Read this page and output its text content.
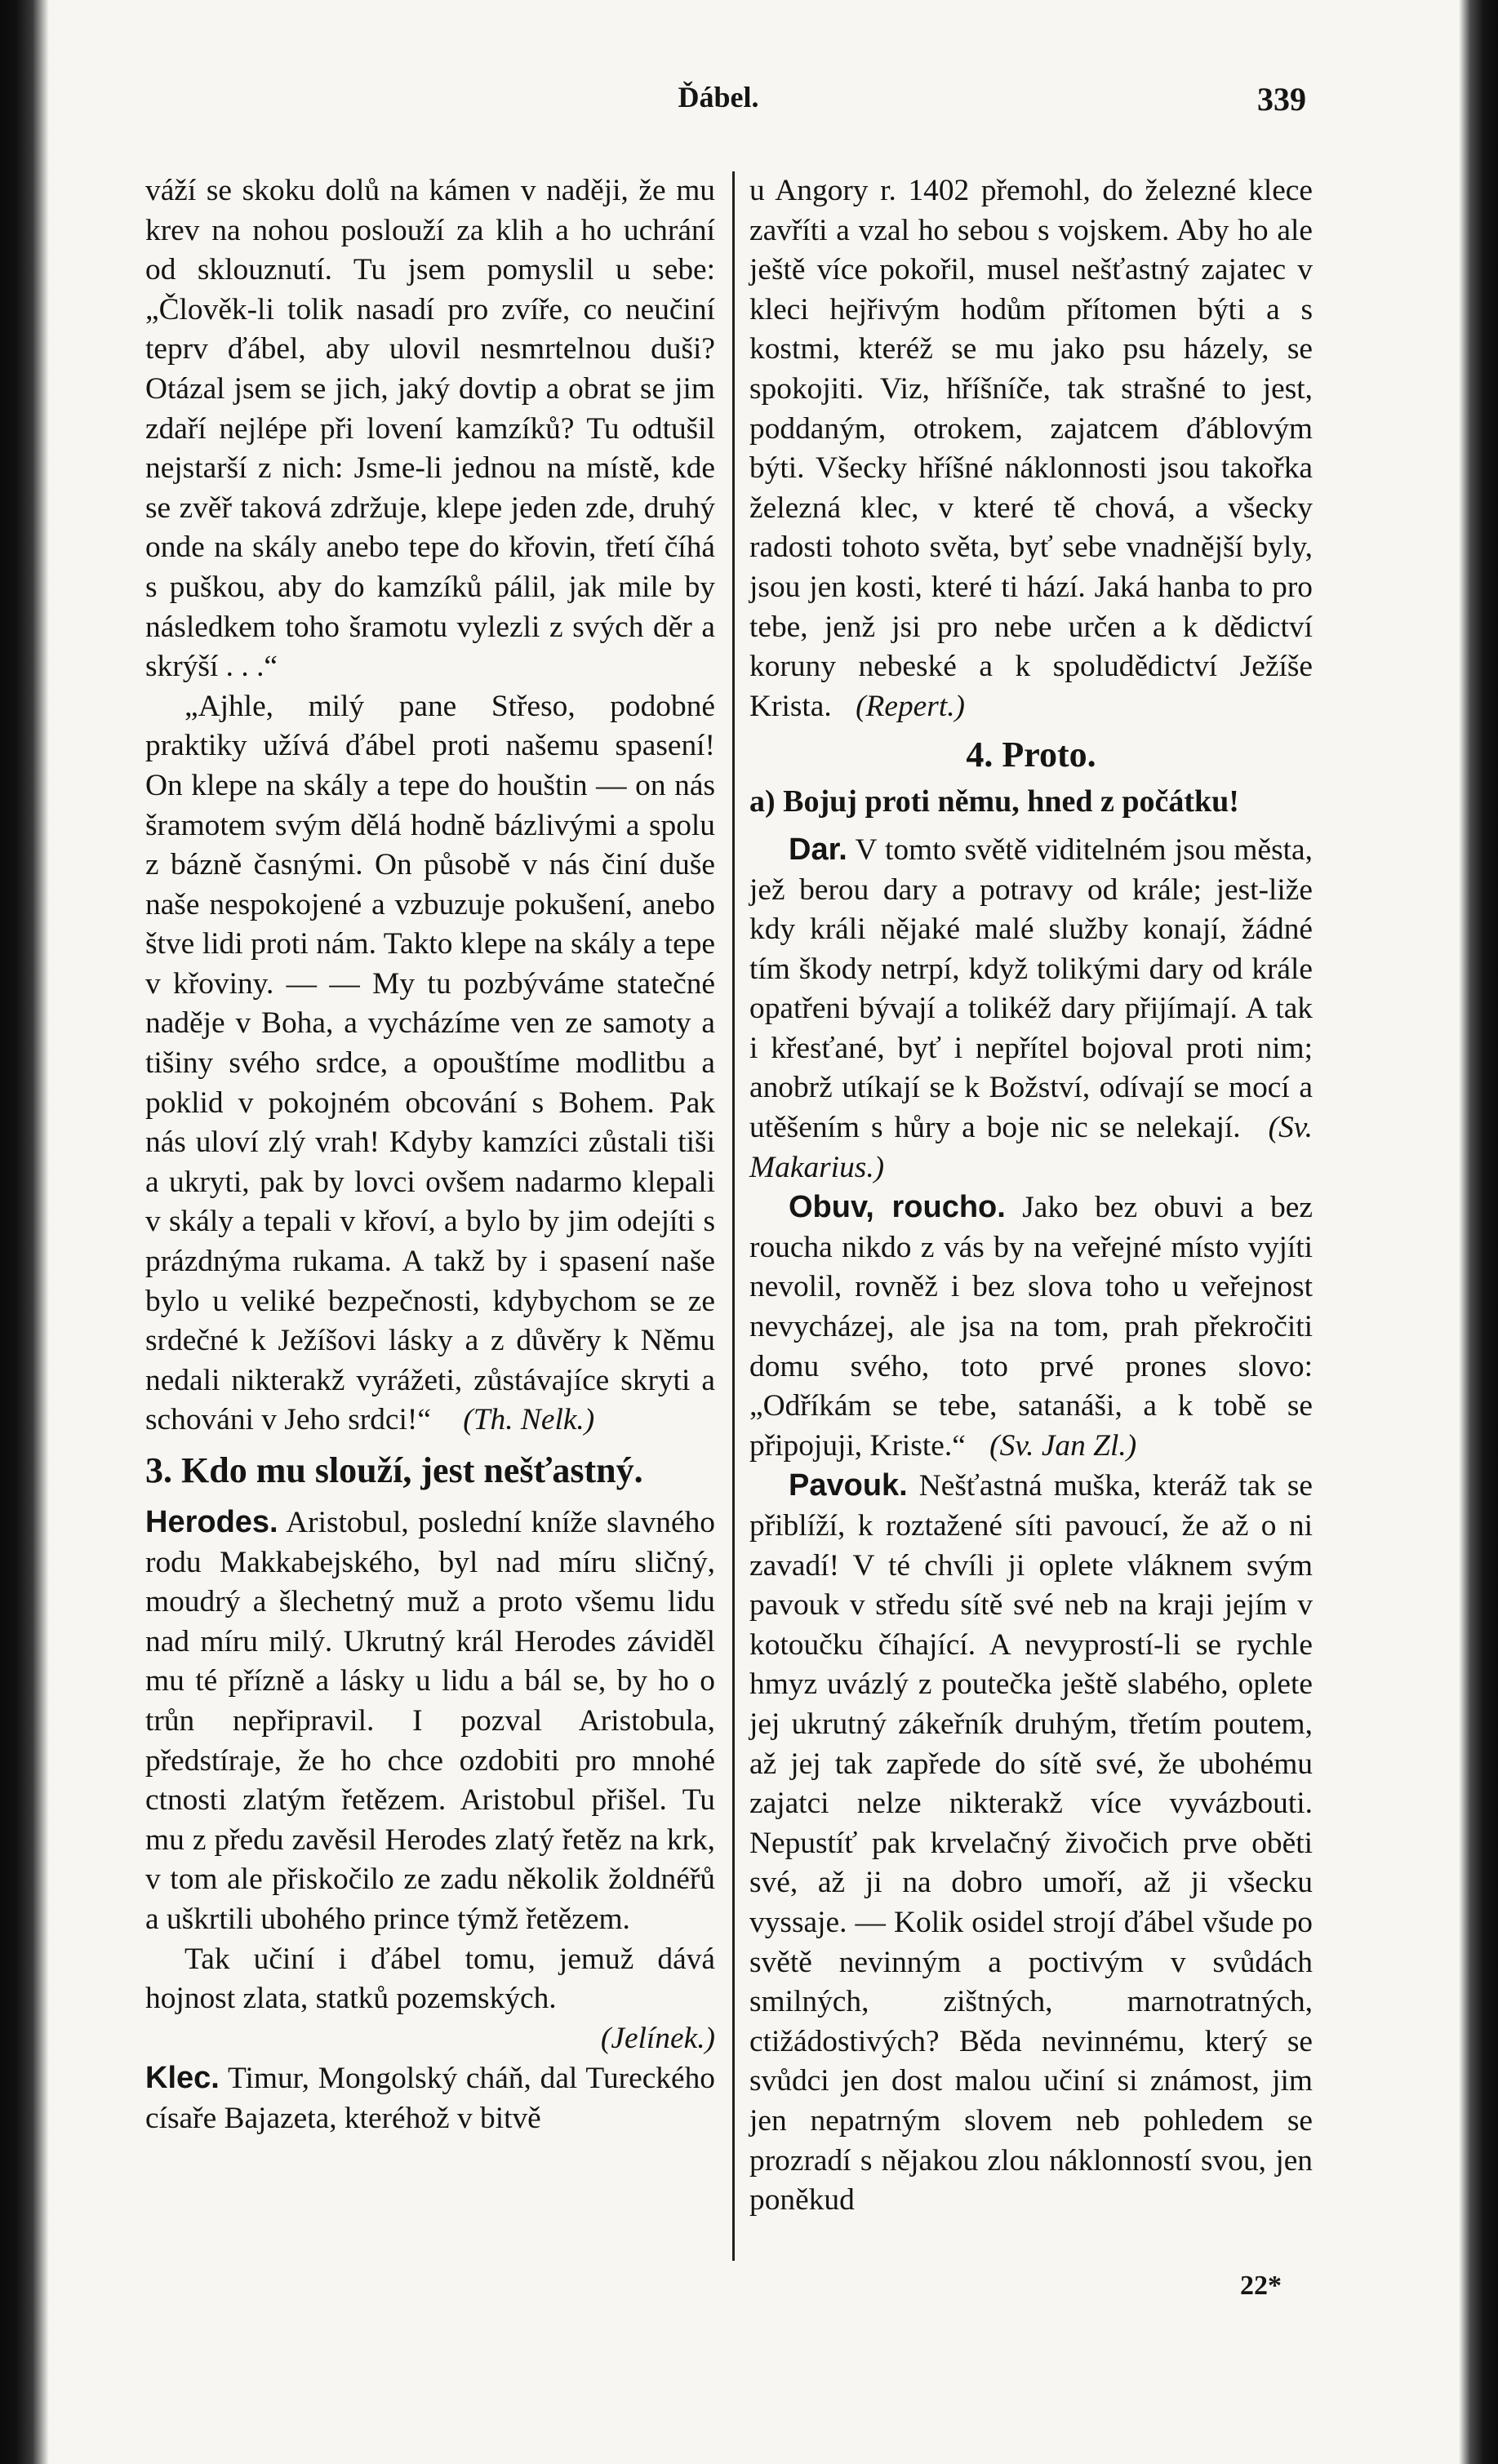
Ďábel.	339

váží se skoku dolů na kámen v naději, že mu krev na nohou poslouží za klih a ho uchrání od sklouznutí. Tu jsem pomyslil u sebe: „Člověk-li tolik nasadí pro zvíře, co neučiní teprv ďábel, aby ulovil nesmrtelnou duši? Otázal jsem se jich, jaký dovtip a obrat se jim zdaří nejlépe při lovení kamzíků? Tu odtušil nejstarší z nich: Jsme-li jednou na místě, kde se zvěř taková zdržuje, klepe jeden zde, druhý onde na skály anebo tepe do křovin, třetí číhá s puškou, aby do kamzíků pálil, jak mile by následkem toho šramotu vylezli z svých děr a skrýší . . .“

„Ajhle, milý pane Střeso, podobné praktiky užívá ďábel proti našemu spasení! On klepe na skály a tepe do houštin — on nás šramotem svým dělá hodně bázlivými a spolu z bázně časnými. On působě v nás činí duše naše nespokojené a vzbuzuje pokušení, anebo štve lidi proti nám. Takto klepe na skály a tepe v křoviny. — — My tu pozbýváme statečné naděje v Boha, a vycházíme ven ze samoty a tišiny svého srdce, a opouštíme modlitbu a poklid v pokojném obcování s Bohem. Pak nás uloví zlý vrah! Kdyby kamzíci zůstali tiši a ukryti, pak by lovci ovšem nadarmo klepali v skály a tepali v křoví, a bylo by jim odejíti s prázdnýma rukama. A takž by i spasení naše bylo u veliké bezpečnosti, kdybychom se ze srdečné k Ježíšovi lásky a z důvěry k Němu nedali nikterakž vyrážeti, zůstávajíce skryti a schováni v Jeho srdci!“ (Th. Nelk.)

3. Kdo mu slouží, jest nešťastný.

Herodes. Aristobul, poslední kníže slavného rodu Makkabejského, byl nad míru sličný, moudrý a šlechetný muž a proto všemu lidu nad míru milý. Ukrutný král Herodes záviděl mu té přízně a lásky u lidu a bál se, by ho o trůn nepřipravil. I pozval Aristobula, předstíraje, že ho chce ozdobiti pro mnohé ctnosti zlatým řetězem. Aristobul přišel. Tu mu z předu zavěsil Herodes zlatý řetěz na krk, v tom ale přiskočilo ze zadu několik žoldnéřů a uškrtili ubohého prince týmž řetězem.

Tak učiní i ďábel tomu, jemuž dává hojnost zlata, statků pozemských.

(Jelínek.)

Klec. Timur, Mongolský cháň, dal Tureckého císaře Bajazeta, kteréhož v bitvě

u Angory r. 1402 přemohl, do železné klece zavříti a vzal ho sebou s vojskem. Aby ho ale ještě více pokořil, musel nešťastný zajatec v kleci hejřivým hodům přítomen býti a s kostmi, kteréž se mu jako psu házely, se spokojiti. Viz, hříšníče, tak strašné to jest, poddaným, otrokem, zajatcem ďáblovým býti. Všecky hříšné náklonnosti jsou takořka železná klec, v které tě chová, a všecky radosti tohoto světa, byť sebe vnadnější byly, jsou jen kosti, které ti hází. Jaká hanba to pro tebe, jenž jsi pro nebe určen a k dědictví koruny nebeské a k spoludědictví Ježíše Krista. (Repert.)

4. Proto.
a) Bojuj proti němu, hned z počátku!

Dar. V tomto světě viditelném jsou města, jež berou dary a potravy od krále; jest-liže kdy králi nějaké malé služby konají, žádné tím škody netrpí, když tolikými dary od krále opatřeni bývají a tolikéž dary přijímají. A tak i křesťané, byť i nepřítel bojoval proti nim; anobrž utíkají se k Božství, odívají se mocí a utěšením s hůry a boje nic se nelekají. (Sv. Makarius.)

Obuv, roucho. Jako bez obuvi a bez roucha nikdo z vás by na veřejné místo vyjíti nevolil, rovněž i bez slova toho u veřejnost nevycházej, ale jsa na tom, prah překročiti domu svého, toto prvé prones slovo: „Odříkám se tebe, satanáši, a k tobě se připojuji, Kriste.“ (Sv. Jan Zl.)

Pavouk. Nešťastná muška, kteráž tak se přiblíží, k roztažené síti pavoucí, že až o ni zavadí! V té chvíli ji oplete vláknem svým pavouk v středu sítě své neb na kraji jejím v kotoučku číhající. A nevyprostí-li se rychle hmyz uvázlý z poutečka ještě slabého, oplete jej ukrutný zákeřník druhým, třetím poutem, až jej tak zapřede do sítě své, že ubohému zajatci nelze nikterakž více vyvázbouti. Nepustíť pak krvelačný živočich prve oběti své, až ji na dobro umoří, až ji všecku vyssaje. — Kolik osidel strojí ďábel všude po světě nevinným a poctivým v svůdách smilných, zištných, marnotratných, ctižádostivých? Běda nevinnému, který se svůdci jen dost malou učiní si známost, jim jen nepatrným slovem neb pohledem se prozradí s nějakou zlou náklonností svou, jen poněkud

22*
